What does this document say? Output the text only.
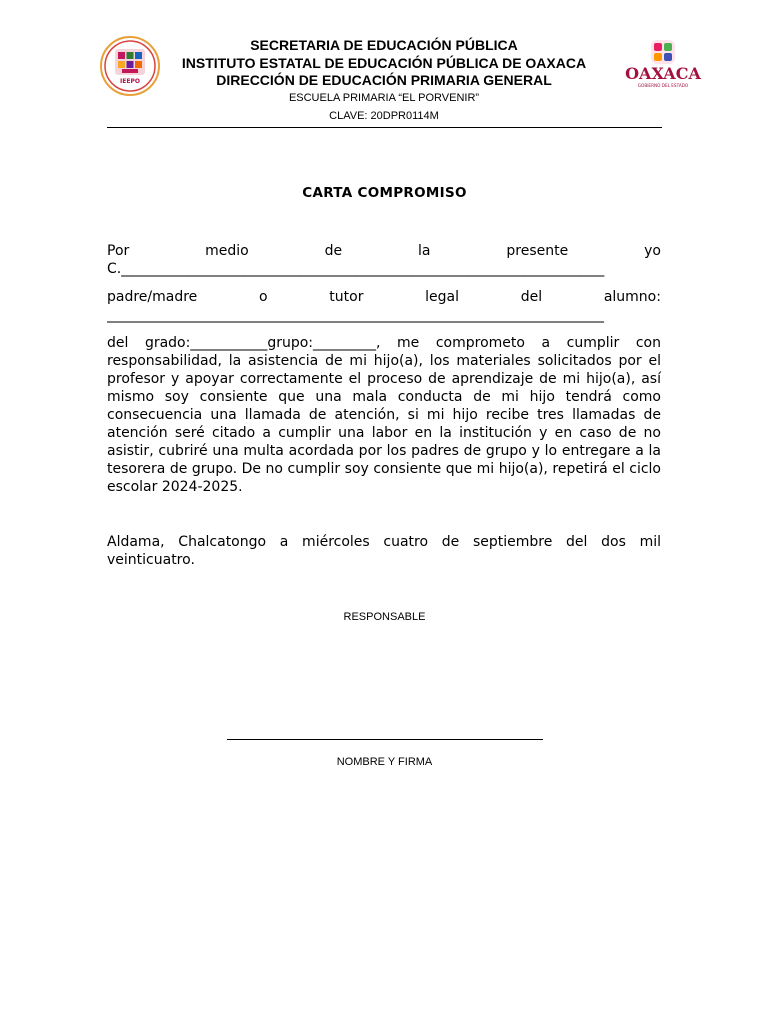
IEEPO	OAXACA
GOBIERNO DEL ESTADO
SECRETARIA DE EDUCACIÓN PÚBLICA
INSTITUTO ESTATAL DE EDUCACIÓN PÚBLICA DE OAXACA
DIRECCIÓN DE EDUCACIÓN PRIMARIA GENERAL
ESCUELA PRIMARIA “EL PORVENIR”
CLAVE: 20DPR0114M
CARTA COMPROMISO
Por	medio	de	la	presente	yo
C._____________________________________________________________________
padre/madre	o	tutor	legal	del	alumno:
_______________________________________________________________________
del grado:___________grupo:_________, me comprometo a cumplir con responsabilidad, la asistencia de mi hijo(a), los materiales solicitados por el profesor y apoyar correctamente el proceso de aprendizaje de mi hijo(a), así mismo soy consiente que una mala conducta de mi hijo tendrá como consecuencia una llamada de atención, si mi hijo recibe tres llamadas de atención seré citado a cumplir una labor en la institución y en caso de no asistir, cubriré una multa acordada por los padres de grupo y lo entregare a la tesorera de grupo. De no cumplir soy consiente que mi hijo(a), repetirá el ciclo escolar 2024-2025.
Aldama, Chalcatongo a miércoles cuatro de septiembre del dos mil veinticuatro.
RESPONSABLE
NOMBRE Y FIRMA
